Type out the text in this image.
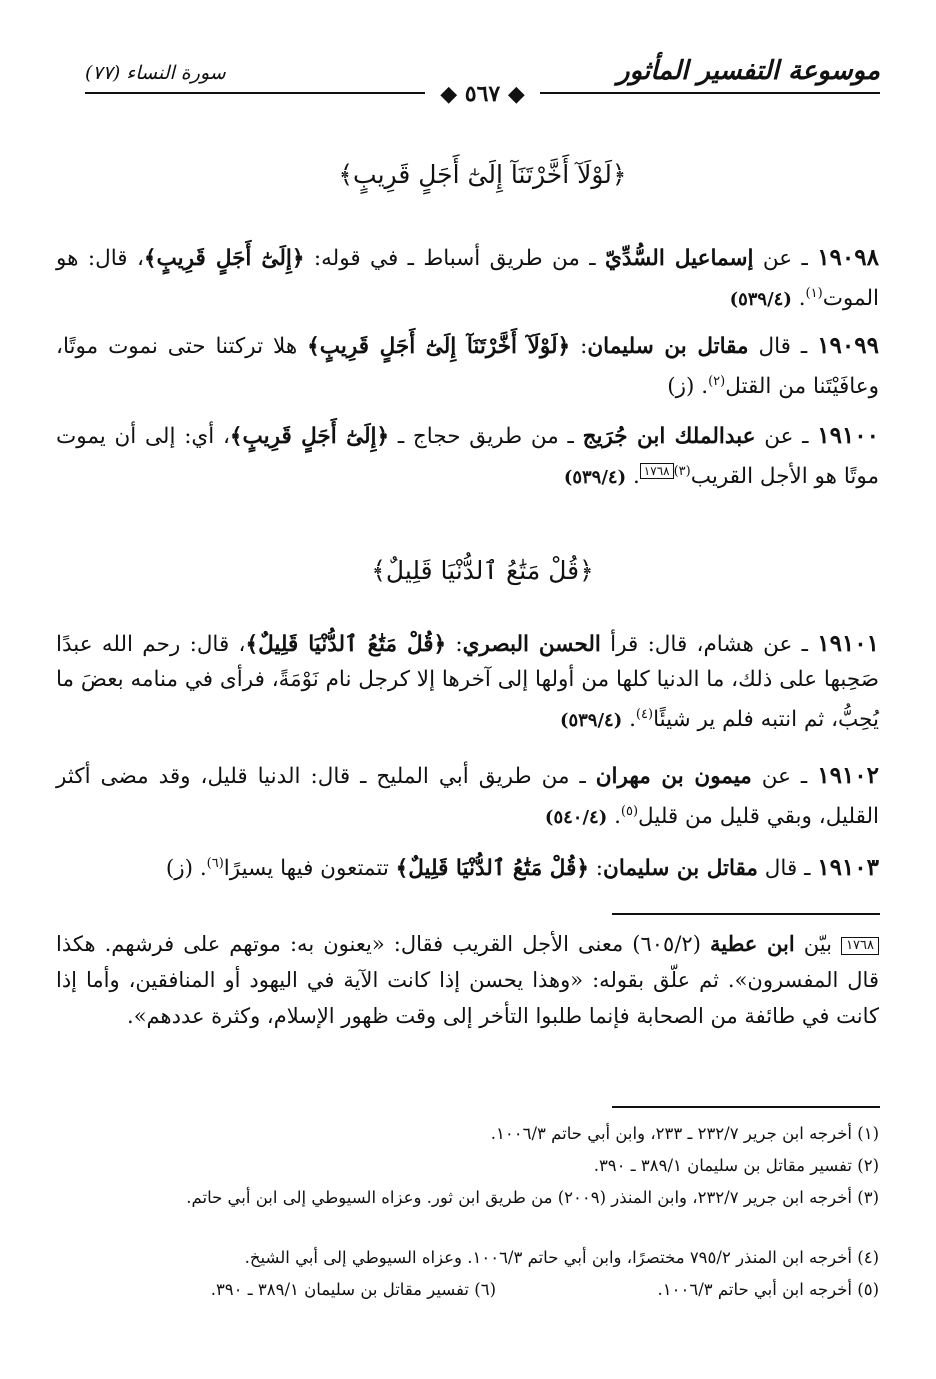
موسوعة التفسير المأثور
سورة النساء (٧٧)
◆ ٥٦٧ ◆
﴿لَوْلَآ أَخَّرْتَنَآ إِلَىٰٓ أَجَلٍ قَرِيبٍ﴾
١٩٠٩٨ ـ عن إسماعيل السُّدِّيّ ـ من طريق أسباط ـ في قوله: ﴿إِلَىٰٓ أَجَلٍ قَرِيبٍ﴾، قال: هو الموت$^{(١)}$. (٥٣٩/٤)
١٩٠٩٩ ـ قال مقاتل بن سليمان: ﴿لَوْلَآ أَخَّرْتَنَآ إِلَىٰٓ أَجَلٍ قَرِيبٍ﴾ هلا تركتنا حتى نموت موتًا، وعافَيْتَنا من القتل$^{(٢)}$. (ز)
١٩١٠٠ ـ عن عبدالملك ابن جُرَيج ـ من طريق حجاج ـ ﴿إِلَىٰٓ أَجَلٍ قَرِيبٍ﴾، أي: إلى أن يموت موتًا هو الأجل القريب$^{(٣)}$١٧٦٨. (٥٣٩/٤)
﴿قُلْ مَتَٰعُ ٱلدُّنْيَا قَلِيلٌ﴾
١٩١٠١ ـ عن هشام، قال: قرأ الحسن البصري: ﴿قُلْ مَتَٰعُ ٱلدُّنْيَا قَلِيلٌ﴾، قال: رحم الله عبدًا صَحِبها على ذلك، ما الدنيا كلها من أولها إلى آخرها إلا كرجل نام نَوْمَةً، فرأى في منامه بعضَ ما يُحِبُّ، ثم انتبه فلم ير شيئًا$^{(٤)}$. (٥٣٩/٤)
١٩١٠٢ ـ عن ميمون بن مهران ـ من طريق أبي المليح ـ قال: الدنيا قليل، وقد مضى أكثر القليل، وبقي قليل من قليل$^{(٥)}$. (٥٤٠/٤)
١٩١٠٣ ـ قال مقاتل بن سليمان: ﴿قُلْ مَتَٰعُ ٱلدُّنْيَا قَلِيلٌ﴾ تتمتعون فيها يسيرًا$^{(٦)}$. (ز)
١٧٦٨ بيّن ابن عطية (٦٠٥/٢) معنى الأجل القريب فقال: «يعنون به: موتهم على فرشهم. هكذا قال المفسرون». ثم علّق بقوله: «وهذا يحسن إذا كانت الآية في اليهود أو المنافقين، وأما إذا كانت في طائفة من الصحابة فإنما طلبوا التأخر إلى وقت ظهور الإسلام، وكثرة عددهم».
(١) أخرجه ابن جرير ٢٣٢/٧ ـ ٢٣٣، وابن أبي حاتم ١٠٠٦/٣.
(٢) تفسير مقاتل بن سليمان ٣٨٩/١ ـ ٣٩٠.
(٣) أخرجه ابن جرير ٢٣٢/٧، وابن المنذر (٢٠٠٩) من طريق ابن ثور. وعزاه السيوطي إلى ابن أبي حاتم.
(٤) أخرجه ابن المنذر ٧٩٥/٢ مختصرًا، وابن أبي حاتم ١٠٠٦/٣. وعزاه السيوطي إلى أبي الشيخ.
(٥) أخرجه ابن أبي حاتم ١٠٠٦/٣.
(٦) تفسير مقاتل بن سليمان ٣٨٩/١ ـ ٣٩٠.
